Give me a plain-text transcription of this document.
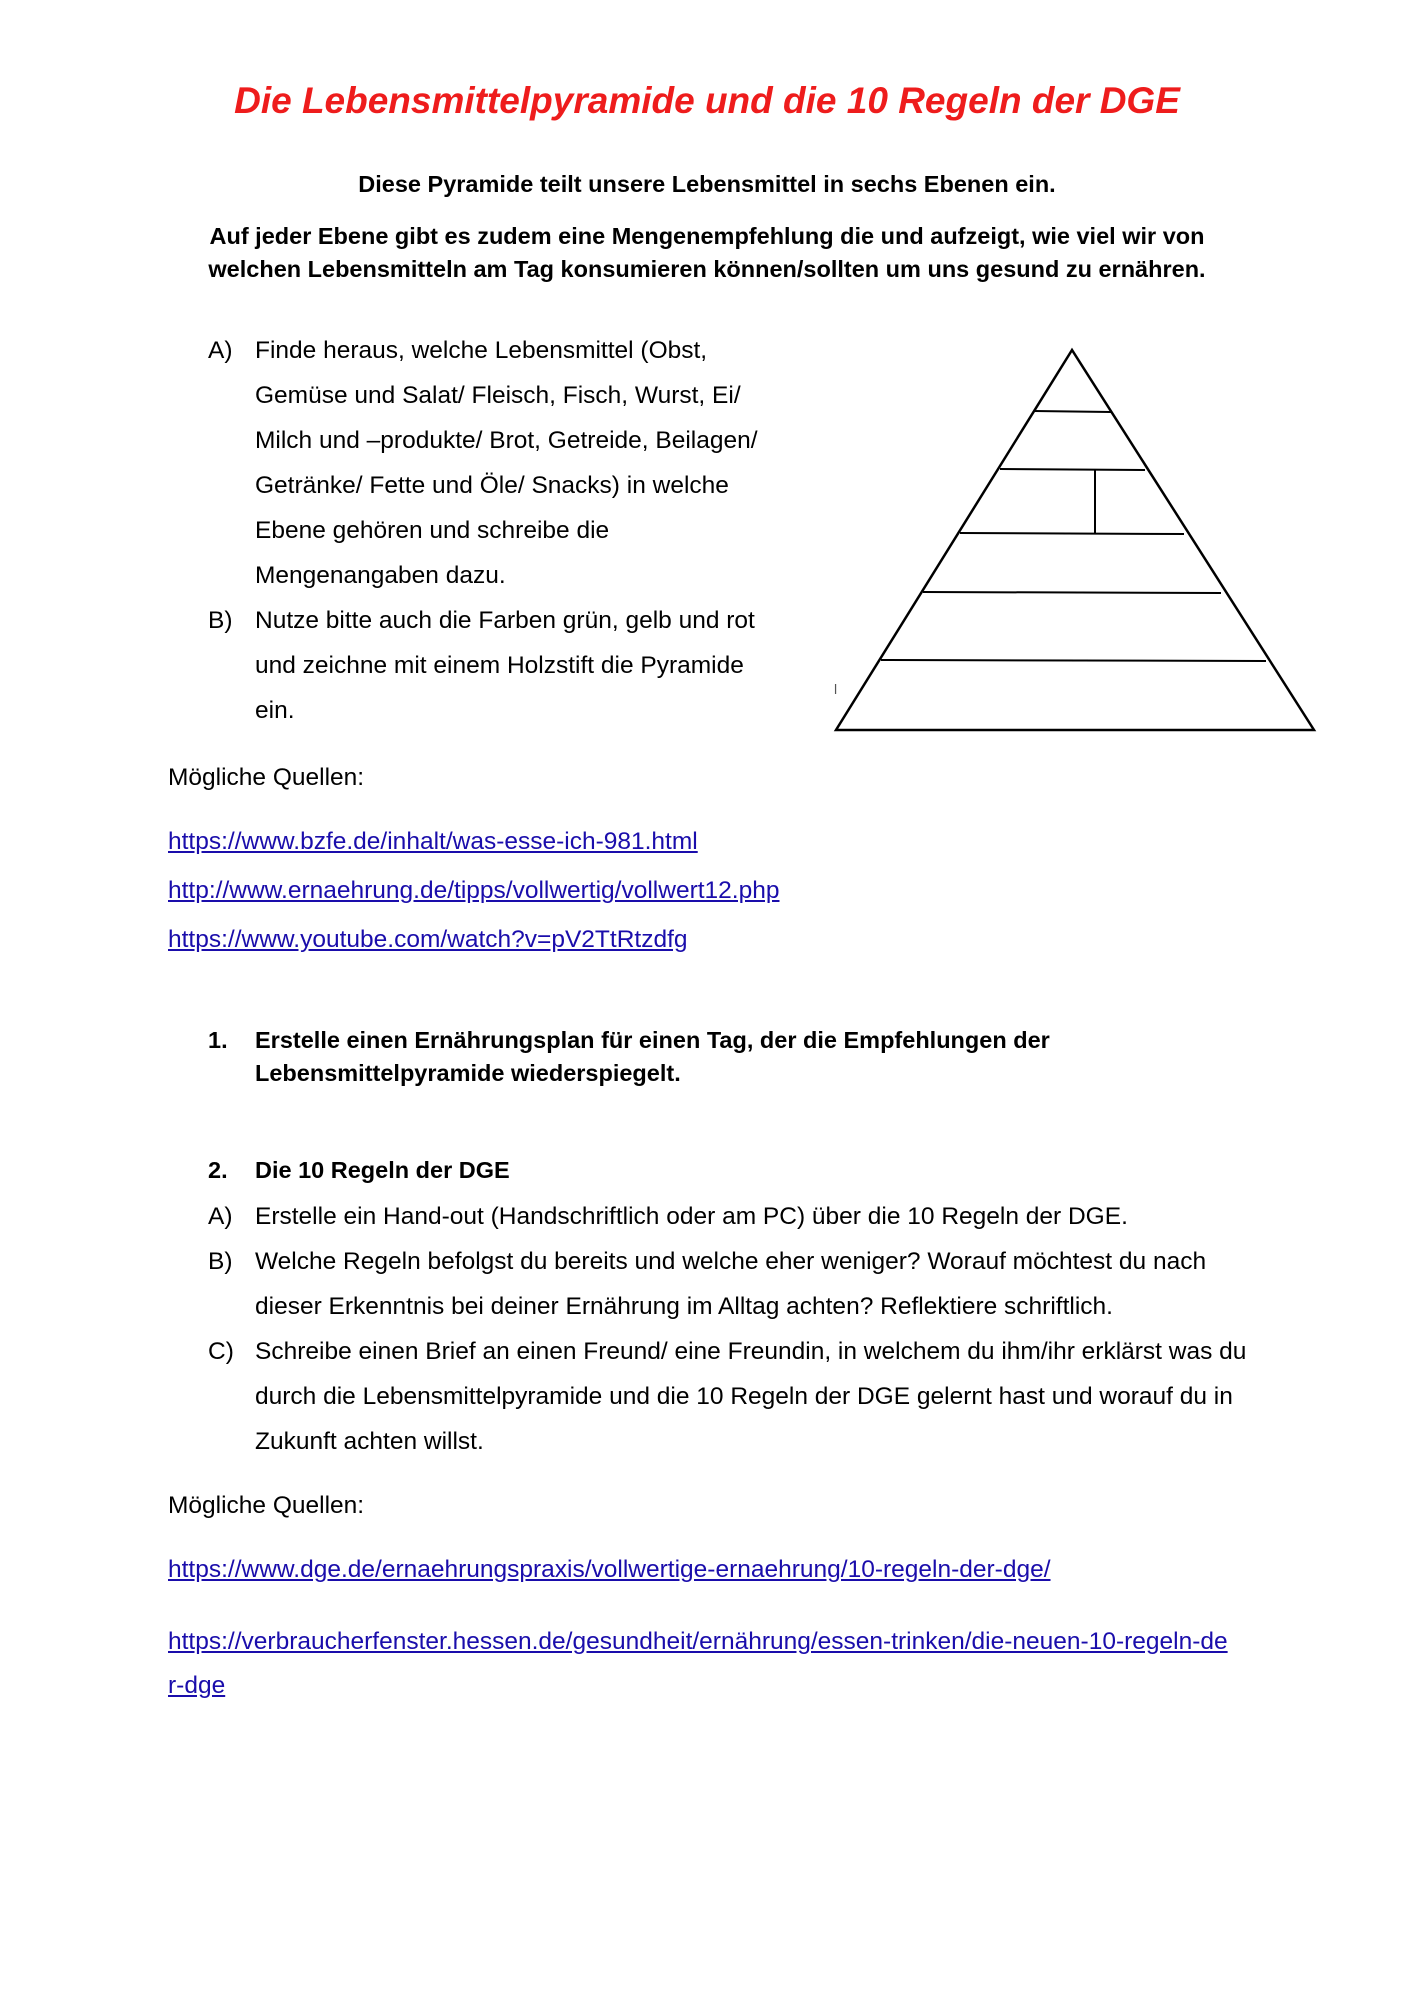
Die Lebensmittelpyramide und die 10 Regeln der DGE

Diese Pyramide teilt unsere Lebensmittel in sechs Ebenen ein.

Auf jeder Ebene gibt es zudem eine Mengenempfehlung die und aufzeigt, wie viel wir von welchen Lebensmitteln am Tag konsumieren können/sollten um uns gesund zu ernähren.

A) Finde heraus, welche Lebensmittel (Obst, Gemüse und Salat/ Fleisch, Fisch, Wurst, Ei/ Milch und –produkte/ Brot, Getreide, Beilagen/ Getränke/ Fette und Öle/ Snacks) in welche Ebene gehören und schreibe die Mengenangaben dazu.
B) Nutze bitte auch die Farben grün, gelb und rot und zeichne mit einem Holzstift die Pyramide ein.
l

Mögliche Quellen:

https://www.bzfe.de/inhalt/was-esse-ich-981.html
http://www.ernaehrung.de/tipps/vollwertig/vollwert12.php
https://www.youtube.com/watch?v=pV2TtRtzdfg
1. Erstelle einen Ernährungsplan für einen Tag, der die Empfehlungen der Lebensmittelpyramide wiederspiegelt.
2. Die 10 Regeln der DGE
A) Erstelle ein Hand-out (Handschriftlich oder am PC) über die 10 Regeln der DGE.
B) Welche Regeln befolgst du bereits und welche eher weniger? Worauf möchtest du nach dieser Erkenntnis bei deiner Ernährung im Alltag achten? Reflektiere schriftlich.
C) Schreibe einen Brief an einen Freund/ eine Freundin, in welchem du ihm/ihr erklärst was du durch die Lebensmittelpyramide und die 10 Regeln der DGE gelernt hast und worauf du in Zukunft achten willst.

Mögliche Quellen:

https://www.dge.de/ernaehrungspraxis/vollwertige-ernaehrung/10-regeln-der-dge/
https://verbraucherfenster.hessen.de/gesundheit/ernährung/essen-trinken/die-neuen-10-regeln-der-dge
